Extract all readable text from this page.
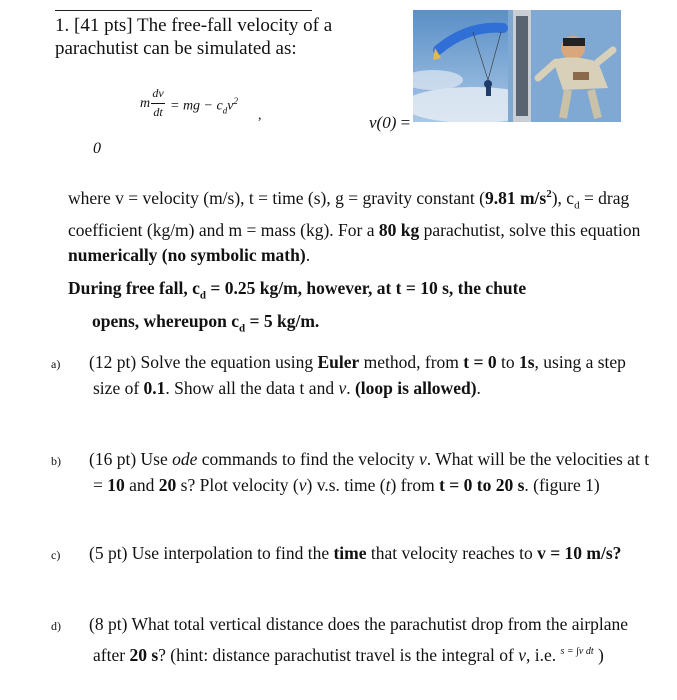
1. [41 pts] The free-fall velocity of a
parachutist can be simulated as:
m
dv
dt = mg − $c_dv^2$
,	v(0) =
0
where v = velocity (m/s), t = time (s), g = gravity constant (9.81 $m/s^2$), $c_d$ = drag coefficient (kg/m) and m = mass (kg). For a 80 kg parachutist, solve this equation numerically (no symbolic math).
During free fall, $c_d = 0.25$ kg/m, however, at t = 10 s, the chute
opens, whereupon $c_d = 5$ kg/m.
a) (12 pt) Solve the equation using Euler method, from t = 0 to 1s, using a step size of 0.1. Show all the data t and v. (loop is allowed).
b) (16 pt) Use ode commands to find the velocity v. What will be the velocities at t = 10 and 20 s? Plot velocity (v) v.s. time (t) from t = 0 to 20 s. (figure 1)
c) (5 pt) Use interpolation to find the time that velocity reaches to v = 10 m/s?
d) (8 pt) What total vertical distance does the parachutist drop from the airplane after 20 s? (hint: distance parachutist travel is the integral of v, i.e. $^{s = \int v dt}$ )
